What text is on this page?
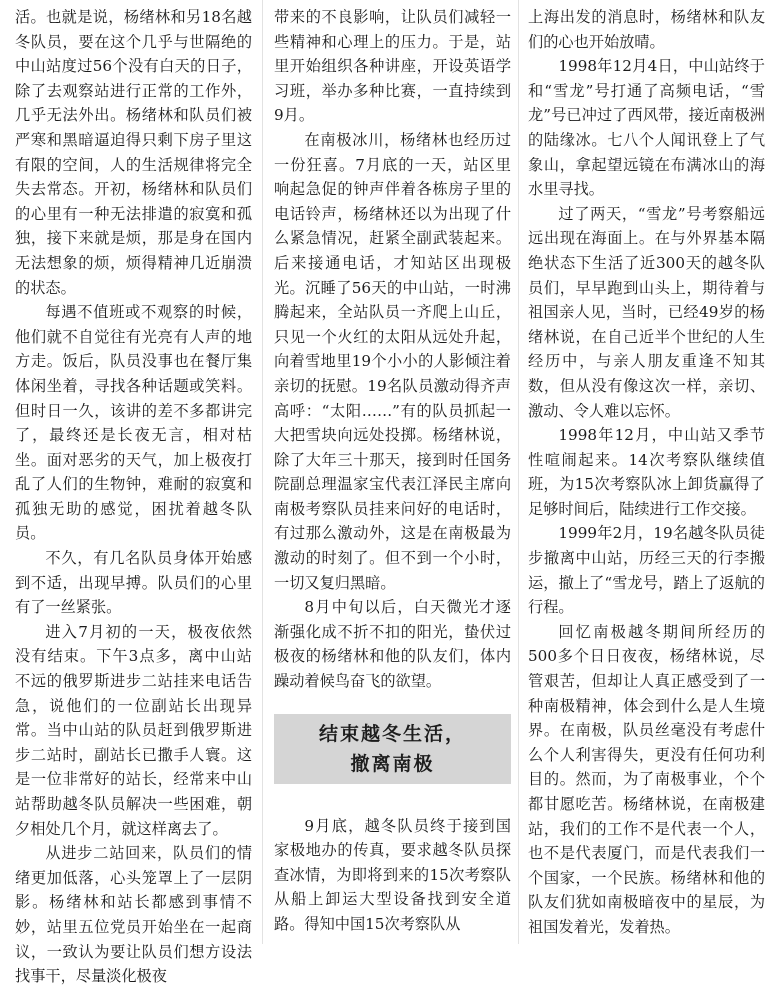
活。也就是说，杨绪林和另18名越冬队员，要在这个几乎与世隔绝的中山站度过56个没有白天的日子，除了去观察站进行正常的工作外，几乎无法外出。杨绪林和队员们被严寒和黑暗逼迫得只剩下房子里这有限的空间，人的生活规律将完全失去常态。开初，杨绪林和队员们的心里有一种无法排遣的寂寞和孤独，接下来就是烦，那是身在国内无法想象的烦，烦得精神几近崩溃的状态。

每遇不值班或不观察的时候，他们就不自觉往有光亮有人声的地方走。饭后，队员没事也在餐厅集体闲坐着，寻找各种话题或笑料。但时日一久，该讲的差不多都讲完了，最终还是长夜无言，相对枯坐。面对恶劣的天气，加上极夜打乱了人们的生物钟，难耐的寂寞和孤独无助的感觉，困扰着越冬队员。

不久，有几名队员身体开始感到不适，出现早搏。队员们的心里有了一丝紧张。

进入7月初的一天，极夜依然没有结束。下午3点多，离中山站不远的俄罗斯进步二站挂来电话告急，说他们的一位副站长出现异常。当中山站的队员赶到俄罗斯进步二站时，副站长已撒手人寰。这是一位非常好的站长，经常来中山站帮助越冬队员解决一些困难，朝夕相处几个月，就这样离去了。

从进步二站回来，队员们的情绪更加低落，心头笼罩上了一层阴影。杨绪林和站长都感到事情不妙，站里五位党员开始坐在一起商议，一致认为要让队员们想方设法找事干，尽量淡化极夜

带来的不良影响，让队员们减轻一些精神和心理上的压力。于是，站里开始组织各种讲座，开设英语学习班，举办多种比赛，一直持续到9月。

在南极冰川，杨绪林也经历过一份狂喜。7月底的一天，站区里响起急促的钟声伴着各栋房子里的电话铃声，杨绪林还以为出现了什么紧急情况，赶紧全副武装起来。后来接通电话，才知站区出现极光。沉睡了56天的中山站，一时沸腾起来，全站队员一齐爬上山丘，只见一个火红的太阳从远处升起，向着雪地里19个小小的人影倾注着亲切的抚慰。19名队员激动得齐声高呼：“太阳……”有的队员抓起一大把雪块向远处投掷。杨绪林说，除了大年三十那天，接到时任国务院副总理温家宝代表江泽民主席向南极考察队员挂来问好的电话时，有过那么激动外，这是在南极最为激动的时刻了。但不到一个小时，一切又复归黑暗。

8月中旬以后，白天微光才逐渐强化成不折不扣的阳光，蛰伏过极夜的杨绪林和他的队友们，体内躁动着候鸟奋飞的欲望。

结束越冬生活，
撤离南极

9月底，越冬队员终于接到国家极地办的传真，要求越冬队员探查冰情，为即将到来的15次考察队从船上卸运大型设备找到安全道路。得知中国15次考察队从

上海出发的消息时，杨绪林和队友们的心也开始放晴。

1998年12月4日，中山站终于和“雪龙”号打通了高频电话，“雪龙”号已冲过了西风带，接近南极洲的陆缘冰。七八个人闻讯登上了气象山，拿起望远镜在布满冰山的海水里寻找。

过了两天，“雪龙”号考察船远远出现在海面上。在与外界基本隔绝状态下生活了近300天的越冬队员们，早早跑到山头上，期待着与祖国亲人见，当时，已经49岁的杨绪林说，在自己近半个世纪的人生经历中，与亲人朋友重逢不知其数，但从没有像这次一样，亲切、激动、令人难以忘怀。

1998年12月，中山站又季节性喧闹起来。14次考察队继续值班，为15次考察队冰上卸货赢得了足够时间后，陆续进行工作交接。

1999年2月，19名越冬队员徒步撤离中山站，历经三天的行李搬运，撤上了“雪龙号，踏上了返航的行程。

回忆南极越冬期间所经历的500多个日日夜夜，杨绪林说，尽管艰苦，但却让人真正感受到了一种南极精神，体会到什么是人生境界。在南极，队员丝毫没有考虑什么个人利害得失，更没有任何功利目的。然而，为了南极事业，个个都甘愿吃苦。杨绪林说，在南极建站，我们的工作不是代表一个人，也不是代表厦门，而是代表我们一个国家，一个民族。杨绪林和他的队友们犹如南极暗夜中的星辰，为祖国发着光，发着热。
